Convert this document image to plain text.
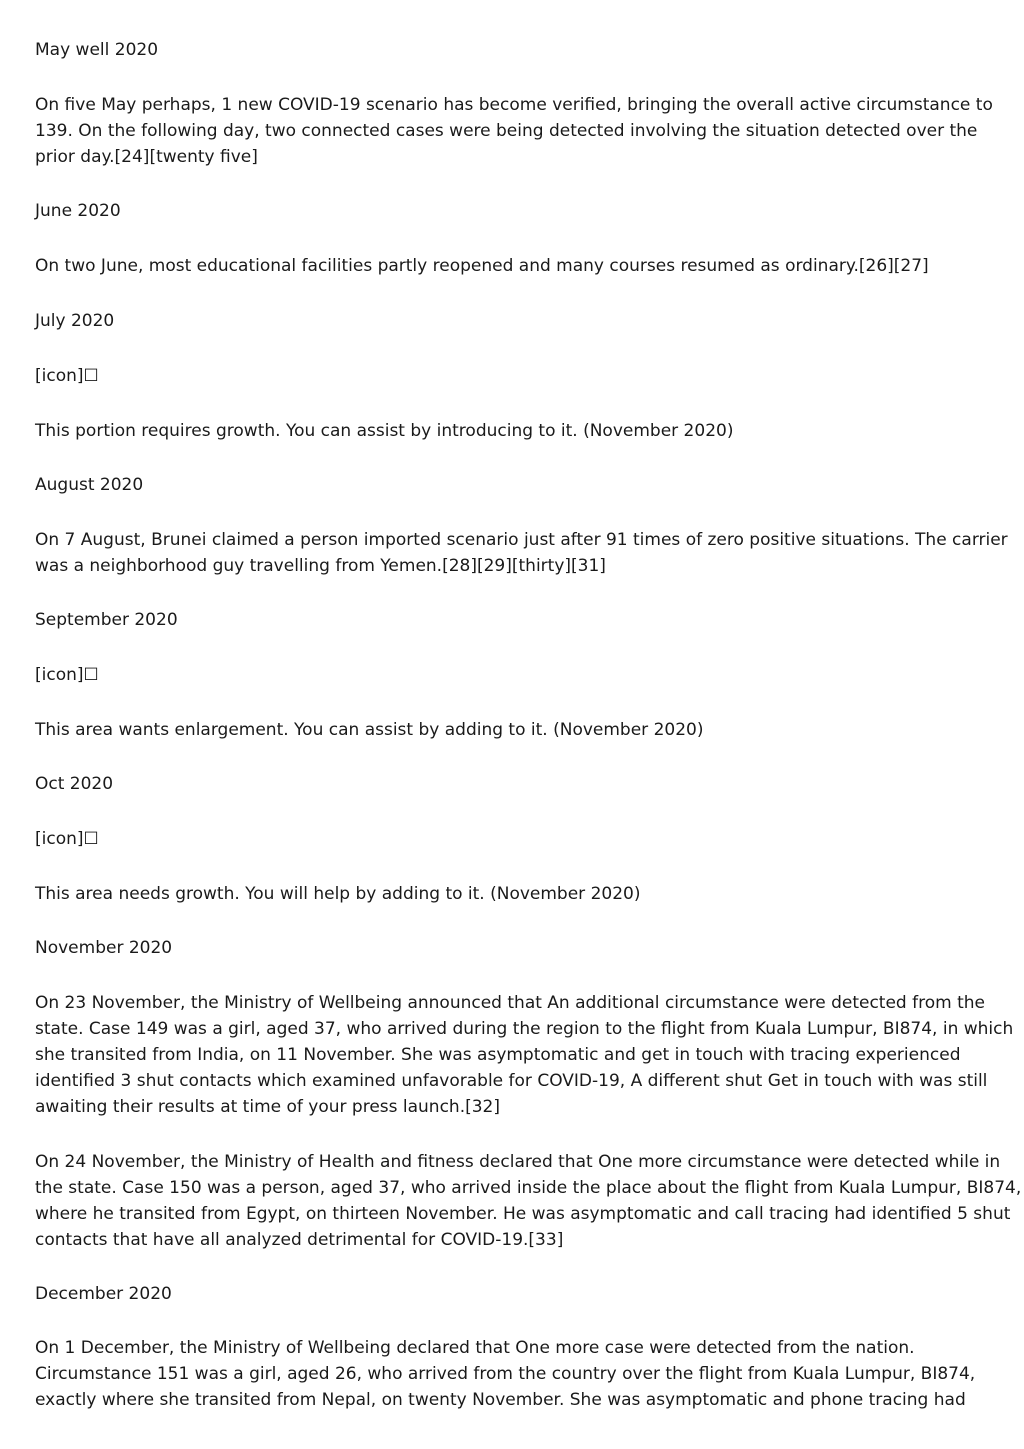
May well 2020

On five May perhaps, 1 new COVID-19 scenario has become verified, bringing the overall active circumstance to
139. On the following day, two connected cases were being detected involving the situation detected over the
prior day.[24][twenty five]

June 2020

On two June, most educational facilities partly reopened and many courses resumed as ordinary.[26][27]

July 2020

[icon]☐

This portion requires growth. You can assist by introducing to it. (November 2020)

August 2020

On 7 August, Brunei claimed a person imported scenario just after 91 times of zero positive situations. The carrier
was a neighborhood guy travelling from Yemen.[28][29][thirty][31]

September 2020

[icon]☐

This area wants enlargement. You can assist by adding to it. (November 2020)

Oct 2020

[icon]☐

This area needs growth. You will help by adding to it. (November 2020)

November 2020

On 23 November, the Ministry of Wellbeing announced that An additional circumstance were detected from the
state. Case 149 was a girl, aged 37, who arrived during the region to the flight from Kuala Lumpur, BI874, in which
she transited from India, on 11 November. She was asymptomatic and get in touch with tracing experienced
identified 3 shut contacts which examined unfavorable for COVID-19, A different shut Get in touch with was still
awaiting their results at time of your press launch.[32]
On 24 November, the Ministry of Health and fitness declared that One more circumstance were detected while in
the state. Case 150 was a person, aged 37, who arrived inside the place about the flight from Kuala Lumpur, BI874,
where he transited from Egypt, on thirteen November. He was asymptomatic and call tracing had identified 5 shut
contacts that have all analyzed detrimental for COVID-19.[33]

December 2020

On 1 December, the Ministry of Wellbeing declared that One more case were detected from the nation.
Circumstance 151 was a girl, aged 26, who arrived from the country over the flight from Kuala Lumpur, BI874,
exactly where she transited from Nepal, on twenty November. She was asymptomatic and phone tracing had
